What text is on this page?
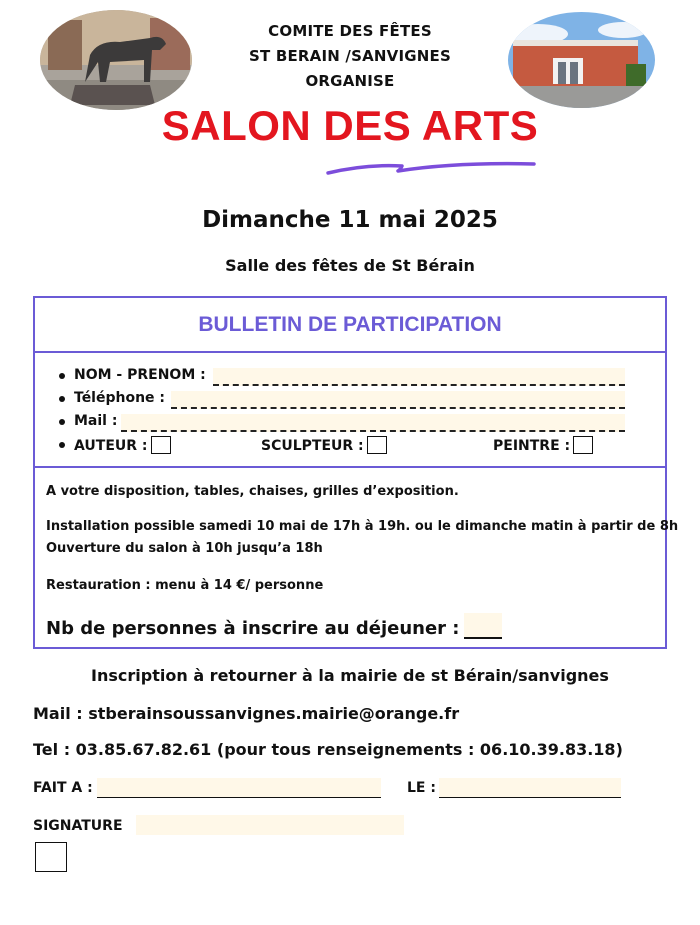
COMITE DES FÊTES
ST BERAIN /SANVIGNES
ORGANISE
SALON DES ARTS
Dimanche 11 mai 2025
Salle des fêtes de St Bérain
BULLETIN DE PARTICIPATION
NOM - PRENOM :
Téléphone :
Mail :
AUTEUR :	SCULPTEUR :	PEINTRE :
A votre disposition, tables, chaises, grilles d’exposition.
Installation possible samedi 10 mai de 17h à 19h. ou le dimanche matin à partir de 8h
Ouverture du salon à 10h jusqu’a 18h
Restauration : menu à 14 €/ personne
Nb de personnes à inscrire au déjeuner :
Inscription à retourner à la mairie de st Bérain/sanvignes
Mail : stberainsoussanvignes.mairie@orange.fr
Tel : 03.85.67.82.61 (pour tous renseignements : 06.10.39.83.18)
FAIT A :	LE :
SIGNATURE
